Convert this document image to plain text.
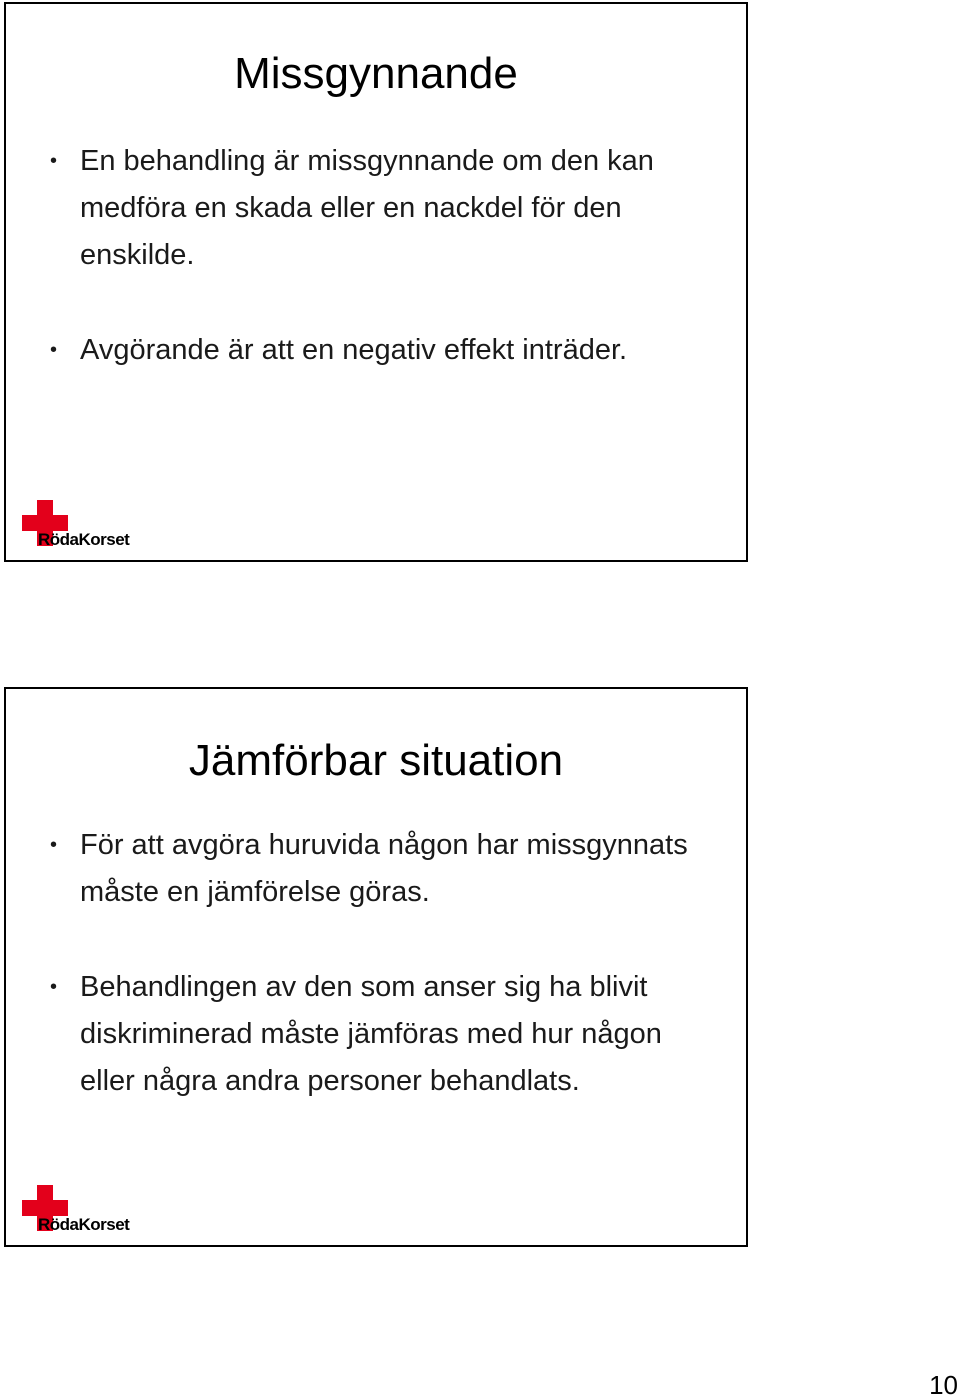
Missgynnande
• En behandling är missgynnande om den kan medföra en skada eller en nackdel för den enskilde.
• Avgörande är att en negativ effekt inträder.
RödaKorset
Jämförbar situation
• För att avgöra huruvida någon har missgynnats måste en jämförelse göras.
• Behandlingen av den som anser sig ha blivit diskriminerad måste jämföras med hur någon eller några andra personer behandlats.
RödaKorset
10
